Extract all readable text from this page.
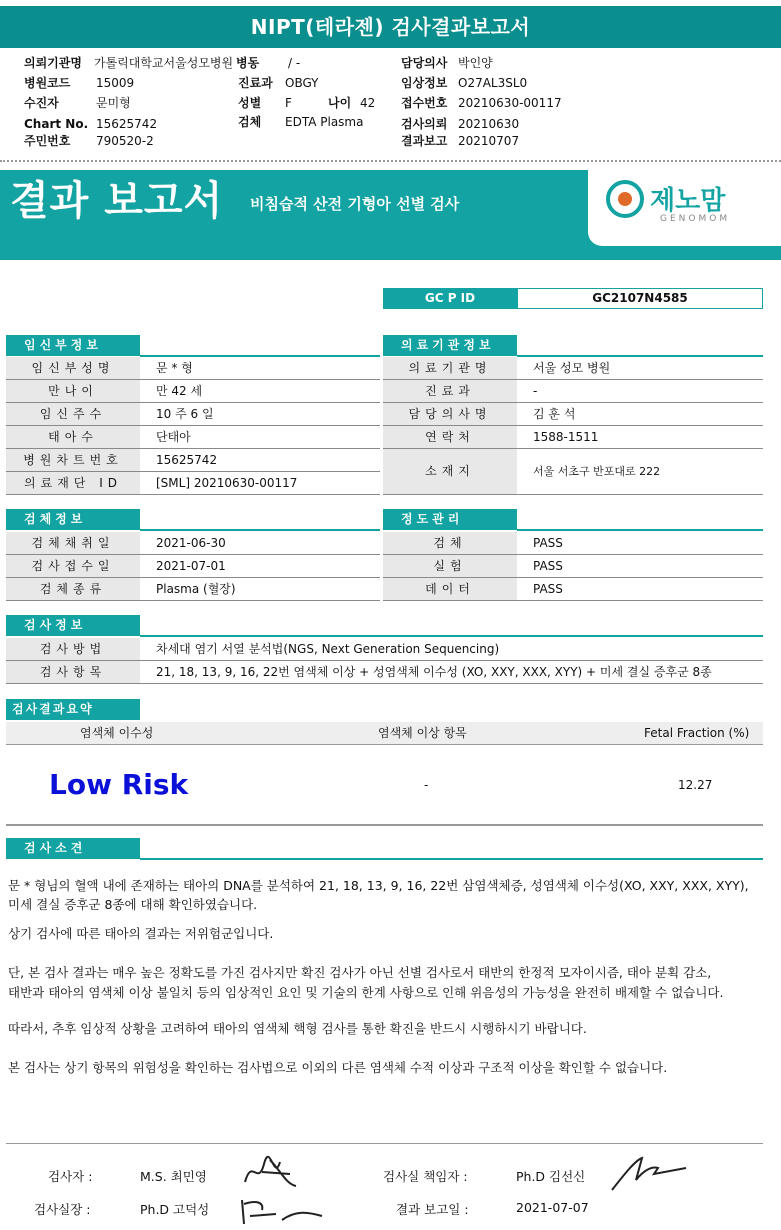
NIPT(테라젠) 검사결과보고서
의뢰기관명 가톨릭대학교서울성모병원 병동 / -	담당의사 박인양
병원코드 15009	진료과 OBGY	임상정보 O27AL3SL0
수진자	문미형	성별 F	나이 42 접수번호 20210630-00117
Chart No. 15625742	검체 EDTA Plasma	검사의뢰 20210630
주민번호 790520-2	결과보고 20210707
결과 보고서 비침습적 산전 기형아 선별 검사	제노맘
GENOMOM
GC P ID	GC2107N4585
임신부정보
임신부성명	문 * 형
만나이	만 42 세
임신주수	10 주 6 일
태아수	단태아
병원차트번호	15625742
의료재단 ID	[SML] 20210630-00117
의료기관정보
의료기관명	서울 성모 병원
진료과	-
담당의사명	김 훈 석
연락처	1588-1511
소재지	서울 서초구 반포대로 222
검체정보
검체채취일	2021-06-30
검사접수일	2021-07-01
검체종류	Plasma (혈장)
정도관리
검체	PASS
실험	PASS
데이터	PASS
검사정보
검사방법	차세대 염기 서열 분석법(NGS, Next Generation Sequencing)
검사항목	21, 18, 13, 9, 16, 22번 염색체 이상 + 성염색체 이수성 (XO, XXY, XXX, XYY) + 미세 결실 증후군 8종
검사결과요약
염색체 이수성	염색체 이상 항목	Fetal Fraction (%)
Low Risk	-	12.27
검사소견
문 * 형님의 혈액 내에 존재하는 태아의 DNA를 분석하여 21, 18, 13, 9, 16, 22번 삼염색체증, 성염색체 이수성(XO, XXY, XXX, XYY),
미세 결실 증후군 8종에 대해 확인하였습니다.
상기 검사에 따른 태아의 결과는 저위험군입니다.
단, 본 검사 결과는 매우 높은 정확도를 가진 검사지만 확진 검사가 아닌 선별 검사로서 태반의 한정적 모자이시즘, 태아 분획 감소,
태반과 태아의 염색체 이상 불일치 등의 임상적인 요인 및 기술의 한계 사항으로 인해 위음성의 가능성을 완전히 배제할 수 없습니다.
따라서, 추후 임상적 상황을 고려하여 태아의 염색체 핵형 검사를 통한 확진을 반드시 시행하시기 바랍니다.
본 검사는 상기 항목의 위험성을 확인하는 검사법으로 이외의 다른 염색체 수적 이상과 구조적 이상을 확인할 수 없습니다.
검사자 :	M.S. 최민영	검사실 책임자 :	Ph.D 김선신
검사실장 :	Ph.D 고덕성	결과 보고일 :	2021-07-07
